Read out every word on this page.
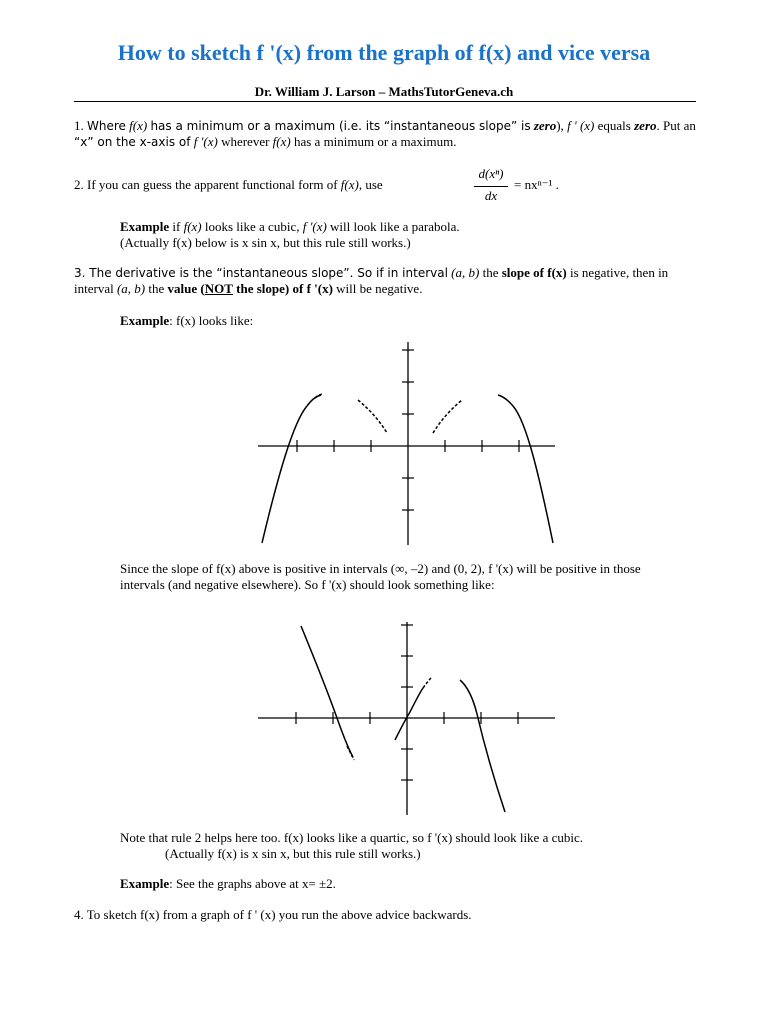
How to sketch f '(x) from the graph of f(x) and vice versa
Dr. William J. Larson – MathsTutorGeneva.ch
1. Where f(x) has a minimum or a maximum (i.e. its “instantaneous slope” is zero), f ' (x) equals zero. Put an
“x” on the x-axis of f '(x) wherever f(x) has a minimum or a maximum.
2. If you can guess the apparent functional form of f(x), use
d(xⁿ)
dx
= nxⁿ⁻¹ .
Example if f(x) looks like a cubic, f '(x) will look like a parabola.
(Actually f(x) below is x sin x, but this rule still works.)
3. The derivative is the “instantaneous slope”. So if in interval (a, b) the slope of f(x) is negative, then in
interval (a, b) the value (NOT the slope) of f '(x) will be negative.
Example: f(x) looks like:
Since the slope of f(x) above is positive in intervals (∞, –2) and (0, 2), f '(x) will be positive in those
intervals (and negative elsewhere). So f '(x) should look something like:
Note that rule 2 helps here too. f(x) looks like a quartic, so f '(x) should look like a cubic.
(Actually f(x) is x sin x, but this rule still works.)
Example: See the graphs above at x= ±2.
4. To sketch f(x) from a graph of f ' (x) you run the above advice backwards.
